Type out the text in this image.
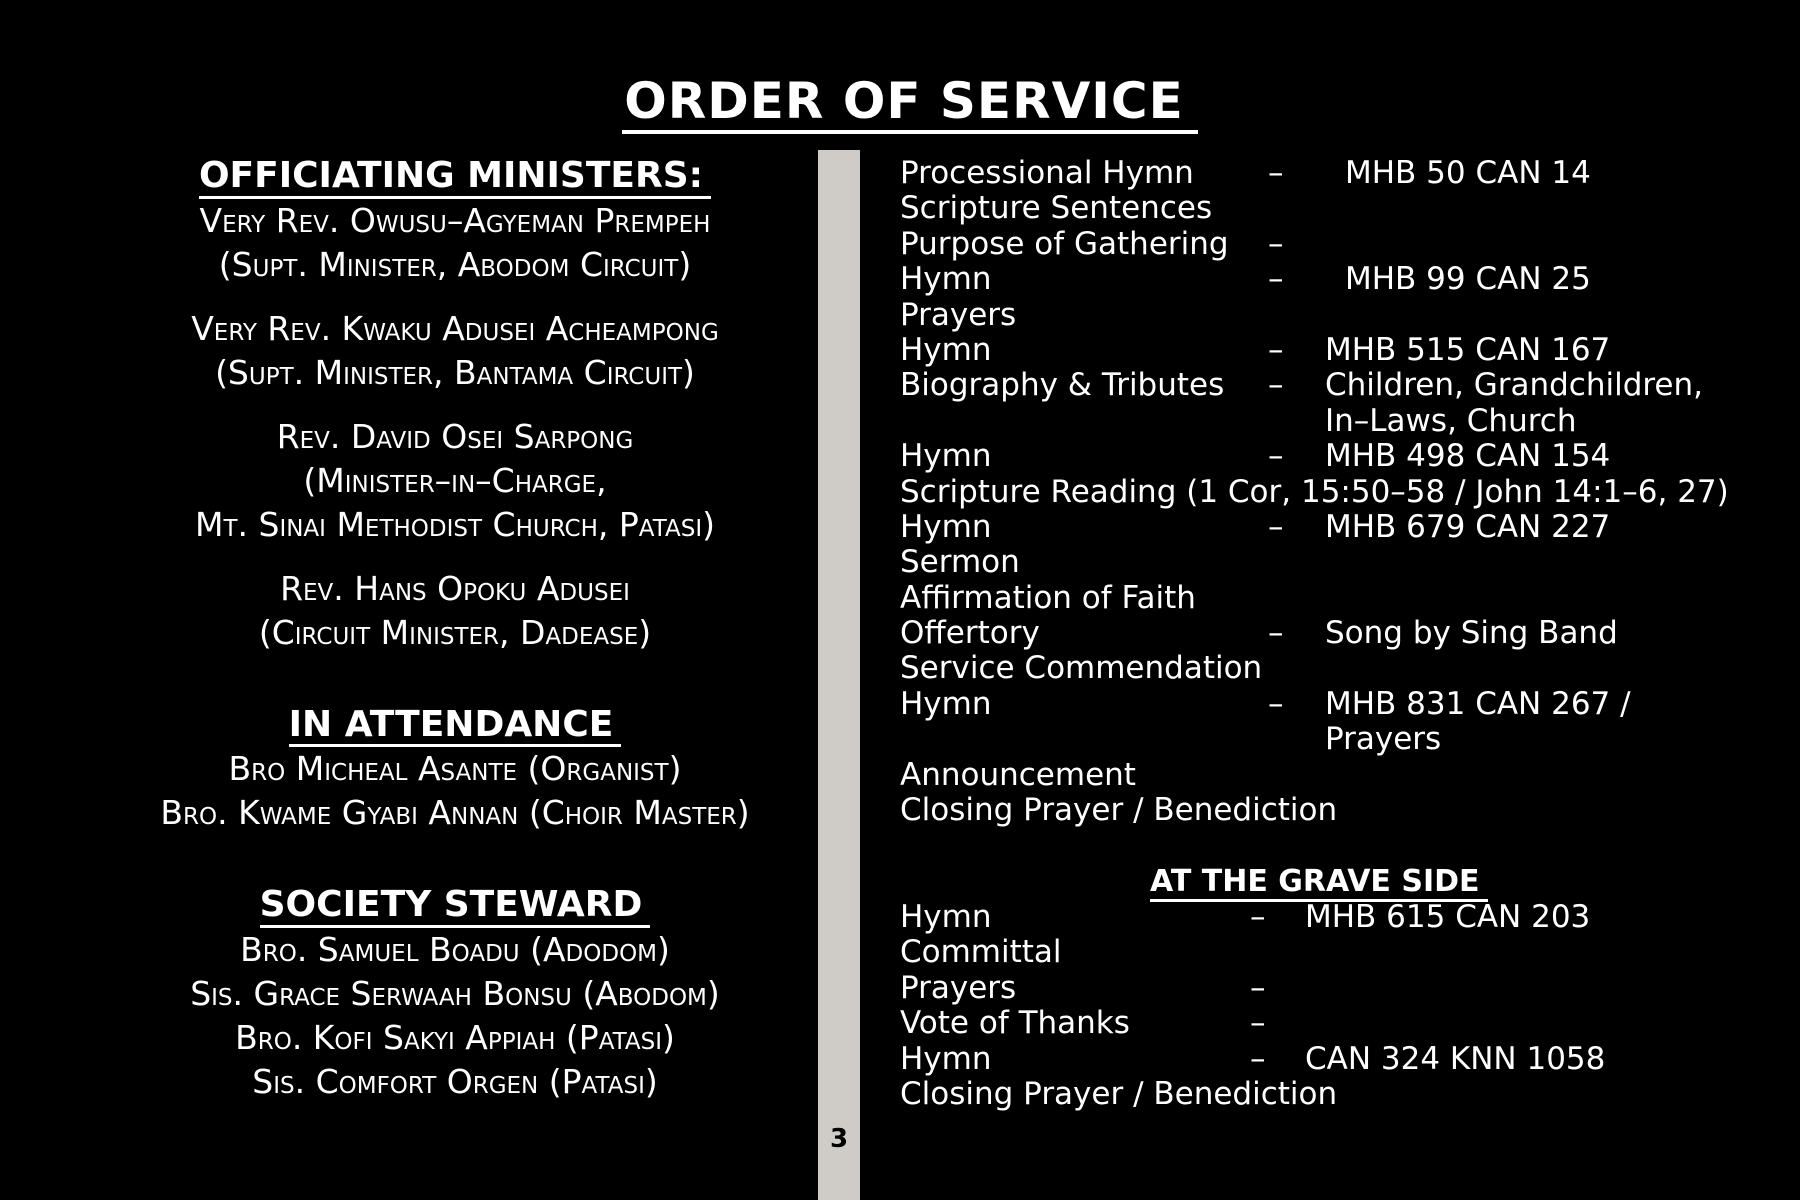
ORDER OF SERVICE
OFFICIATING MINISTERS:
Very Rev. Owusu–Agyeman Prempeh
(Supt. Minister, Abodom Circuit)
Very Rev. Kwaku Adusei Acheampong
(Supt. Minister, Bantama Circuit)
Rev. David Osei Sarpong
(Minister–in–Charge,
Mt. Sinai Methodist Church, Patasi)
Rev. Hans Opoku Adusei
(Circuit Minister, Dadease)
IN ATTENDANCE
Bro Micheal Asante (Organist)
Bro. Kwame Gyabi Annan (Choir Master)
SOCIETY STEWARD
Bro. Samuel Boadu (Adodom)
Sis. Grace Serwaah Bonsu (Abodom)
Bro. Kofi Sakyi Appiah (Patasi)
Sis. Comfort Orgen (Patasi)
3
Processional Hymn – MHB 50 CAN 14
Scripture Sentences
Purpose of Gathering –
Hymn	– MHB 99 CAN 25
Prayers
Hymn	– MHB 515 CAN 167
Biography & Tributes – Children, Grandchildren,
In–Laws, Church
Hymn	– MHB 498 CAN 154
Scripture Reading (1 Cor, 15:50–58 / John 14:1–6, 27)
Hymn	– MHB 679 CAN 227
Sermon
Affirmation of Faith
Offertory	– Song by Sing Band
Service Commendation
Hymn	– MHB 831 CAN 267 /
Prayers
Announcement
Closing Prayer / Benediction
AT THE GRAVE SIDE
Hymn	– MHB 615 CAN 203
Committal
Prayers	–
Vote of Thanks	–
Hymn	– CAN 324 KNN 1058
Closing Prayer / Benediction
